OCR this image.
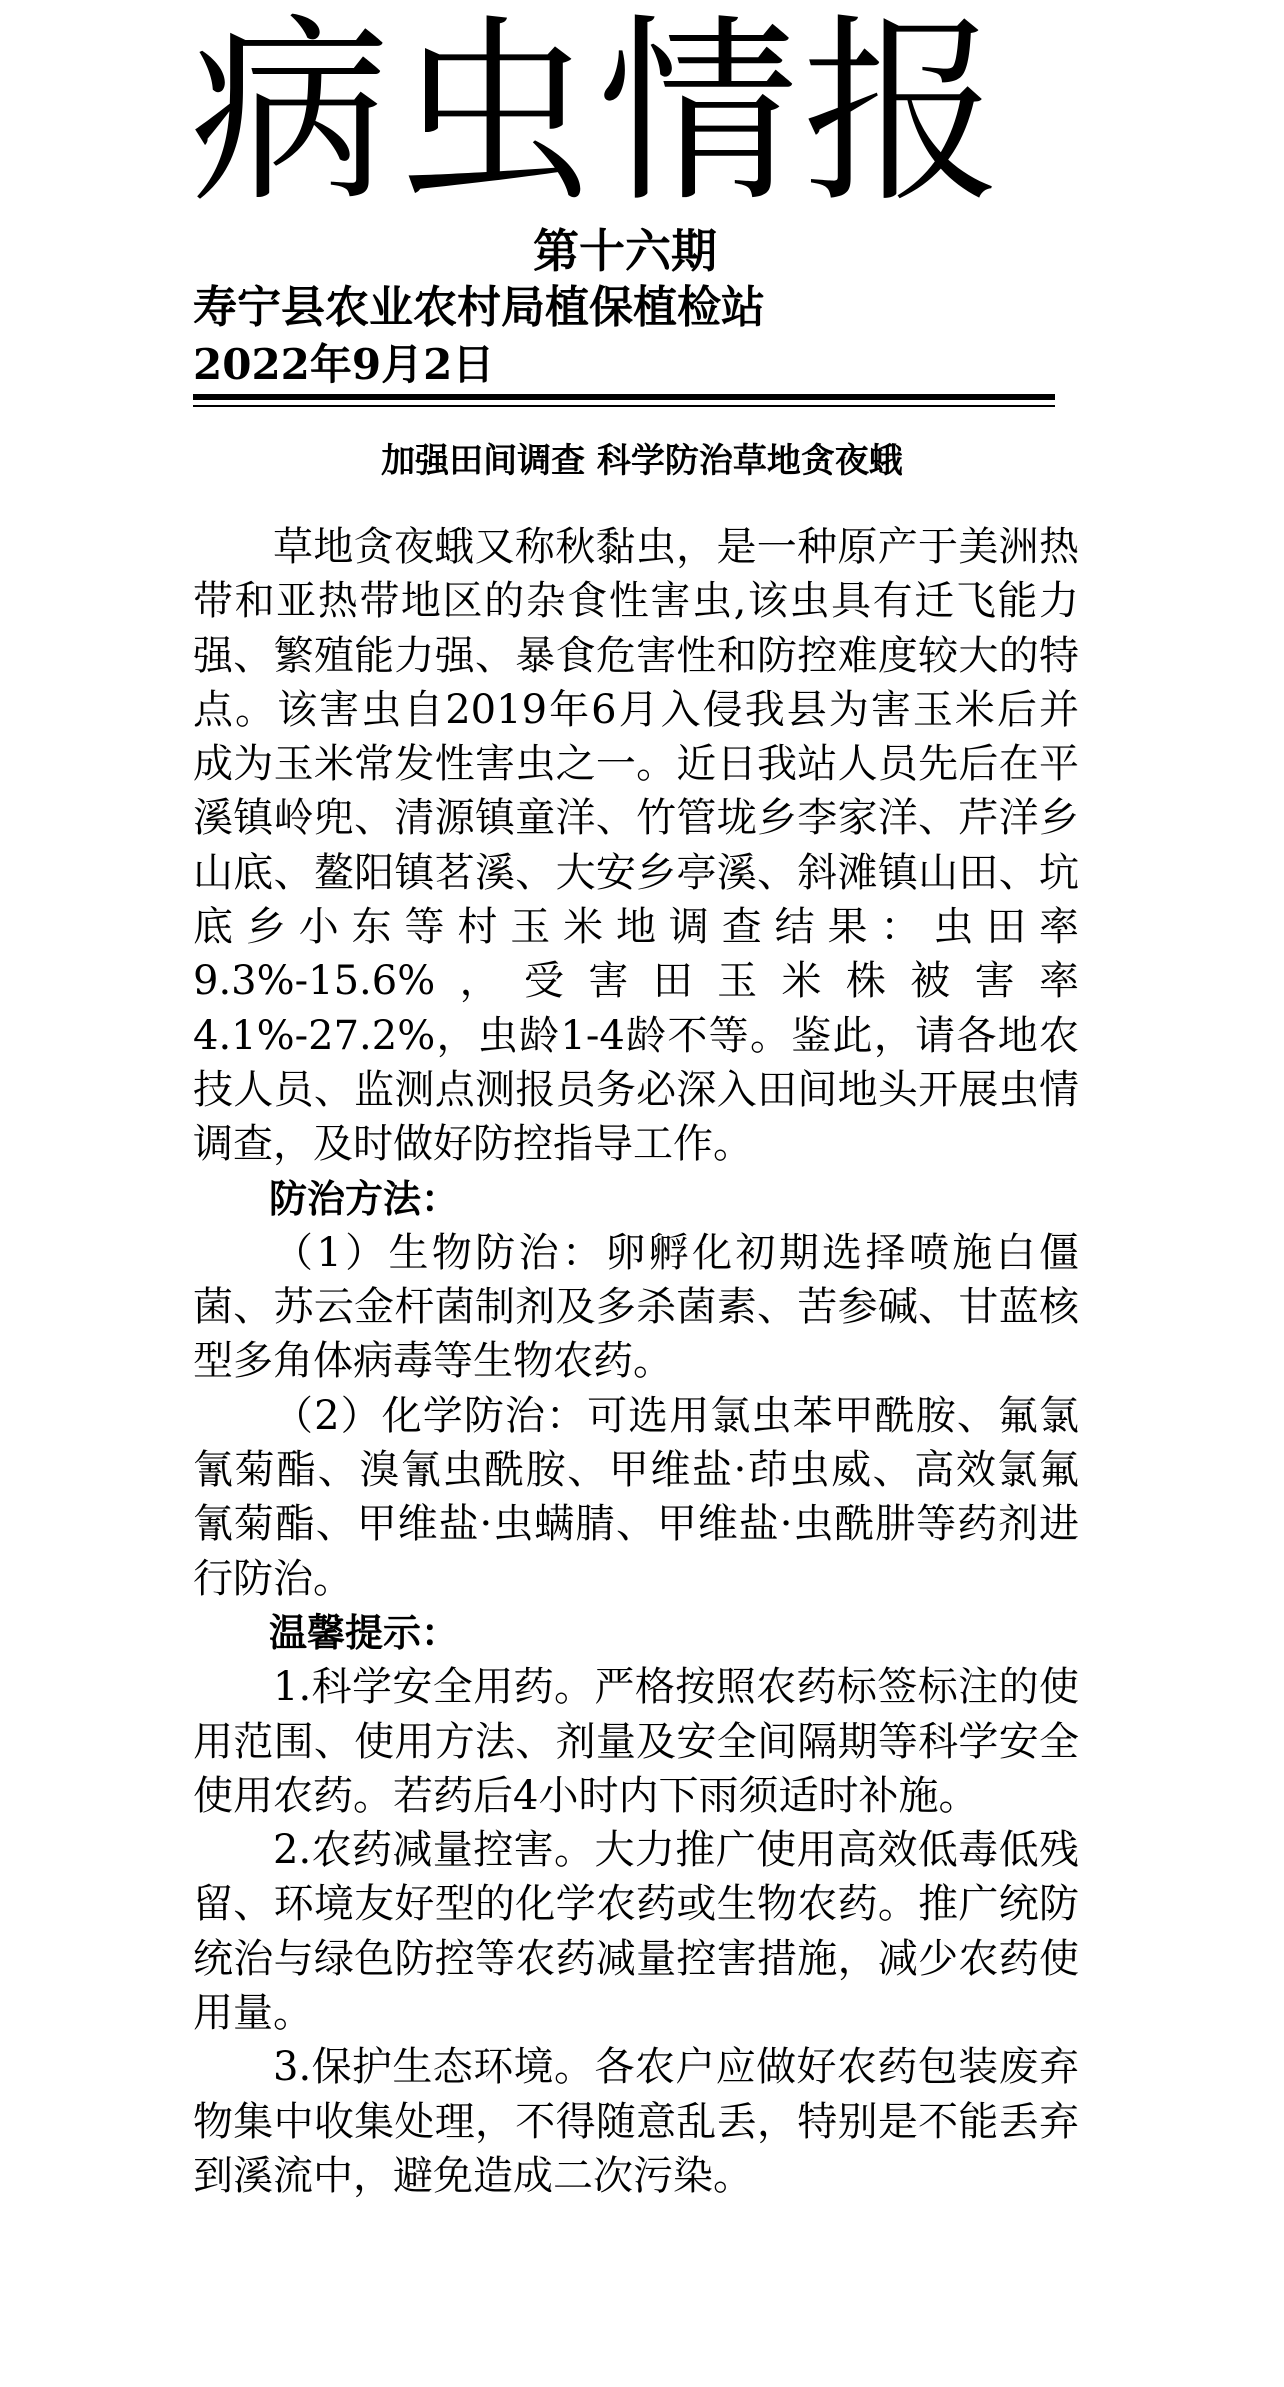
病虫情报
第十六期
寿宁县农业农村局植保植检站
2022年9月2日
加强田间调查 科学防治草地贪夜蛾

草地贪夜蛾又称秋黏虫，是一种原产于美洲热带和亚热带地区的杂食性害虫,该虫具有迁飞能力强、繁殖能力强、暴食危害性和防控难度较大的特点。该害虫自2019年6月入侵我县为害玉米后并成为玉米常发性害虫之一。近日我站人员先后在平溪镇岭兜、清源镇童洋、竹管垅乡李家洋、芹洋乡山底、鳌阳镇茗溪、大安乡亭溪、斜滩镇山田、坑底乡小东等村玉米地调查结果：虫田率9.3%-15.6%，受害田玉米株被害率4.1%-27.2%，虫龄1-4龄不等。鉴此，请各地农技人员、监测点测报员务必深入田间地头开展虫情调查，及时做好防控指导工作。

防治方法：

（1）生物防治：卵孵化初期选择喷施白僵菌、苏云金杆菌制剂及多杀菌素、苦参碱、甘蓝核型多角体病毒等生物农药。

（2）化学防治：可选用氯虫苯甲酰胺、氟氯氰菊酯、溴氰虫酰胺、甲维盐·茚虫威、高效氯氟氰菊酯、甲维盐·虫螨腈、甲维盐·虫酰肼等药剂进行防治。

温馨提示：

1.科学安全用药。严格按照农药标签标注的使用范围、使用方法、剂量及安全间隔期等科学安全使用农药。若药后4小时内下雨须适时补施。

2.农药减量控害。大力推广使用高效低毒低残留、环境友好型的化学农药或生物农药。推广统防统治与绿色防控等农药减量控害措施，减少农药使用量。

3.保护生态环境。各农户应做好农药包装废弃物集中收集处理，不得随意乱丢，特别是不能丢弃到溪流中，避免造成二次污染。
